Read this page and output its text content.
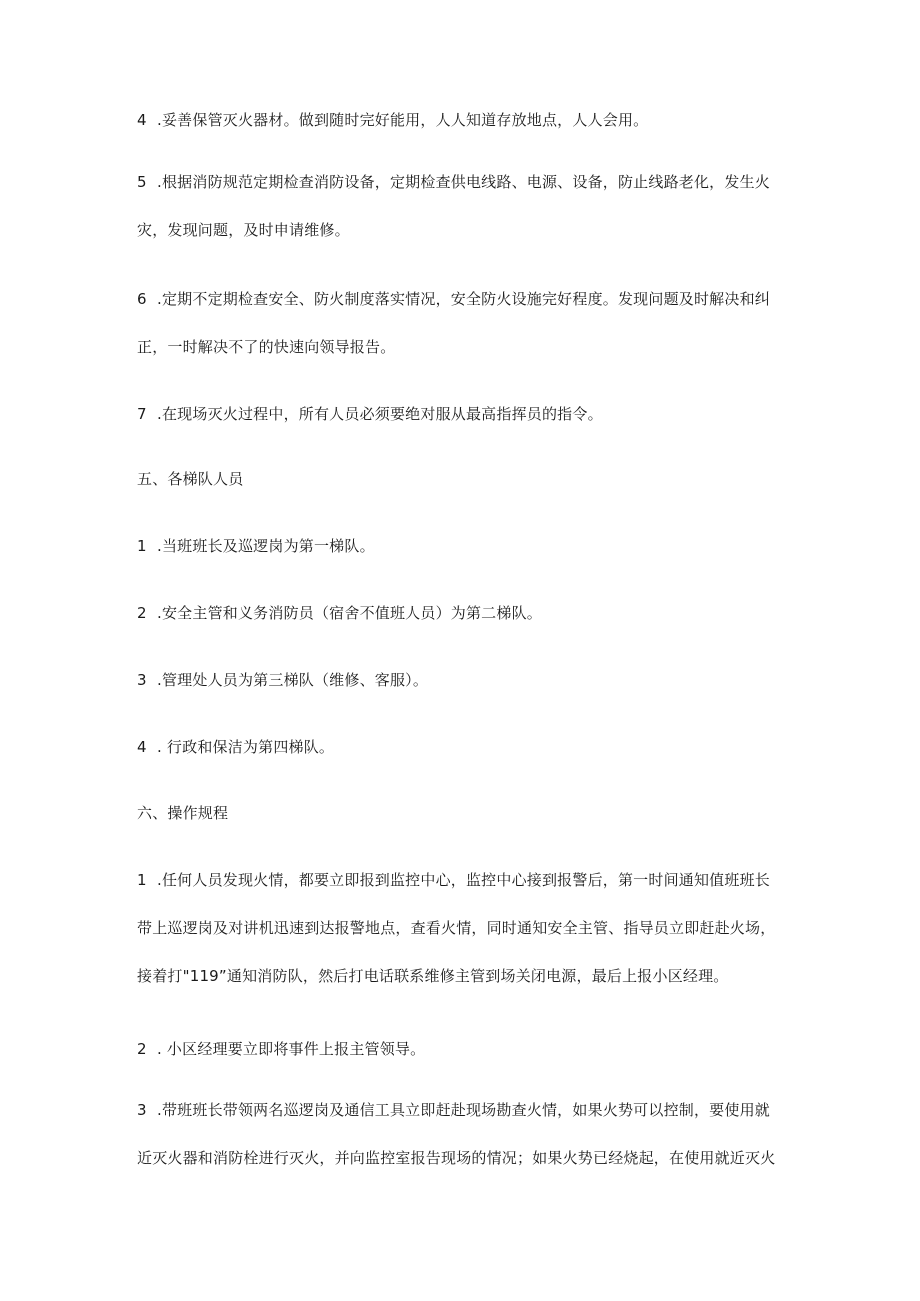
4 .妥善保管灭火器材。做到随时完好能用，人人知道存放地点，人人会用。
5 .根据消防规范定期检查消防设备，定期检查供电线路、电源、设备，防止线路老化，发生火
灾，发现问题，及时申请维修。
6 .定期不定期检查安全、防火制度落实情况，安全防火设施完好程度。发现问题及时解决和纠
正，一时解决不了的快速向领导报告。
7 .在现场灭火过程中，所有人员必须要绝对服从最高指挥员的指令。
五、各梯队人员
1 .当班班长及巡逻岗为第一梯队。
2 .安全主管和义务消防员（宿舍不值班人员）为第二梯队。
3 .管理处人员为第三梯队（维修、客服）。
4 . 行政和保洁为第四梯队。
六、操作规程
1 .任何人员发现火情，都要立即报到监控中心，监控中心接到报警后，第一时间通知值班班长
带上巡逻岗及对讲机迅速到达报警地点，查看火情，同时通知安全主管、指导员立即赶赴火场，
接着打"119”通知消防队，然后打电话联系维修主管到场关闭电源，最后上报小区经理。
2 . 小区经理要立即将事件上报主管领导。
3 .带班班长带领两名巡逻岗及通信工具立即赶赴现场勘查火情，如果火势可以控制，要使用就
近灭火器和消防栓进行灭火，并向监控室报告现场的情况；如果火势已经烧起，在使用就近灭火
